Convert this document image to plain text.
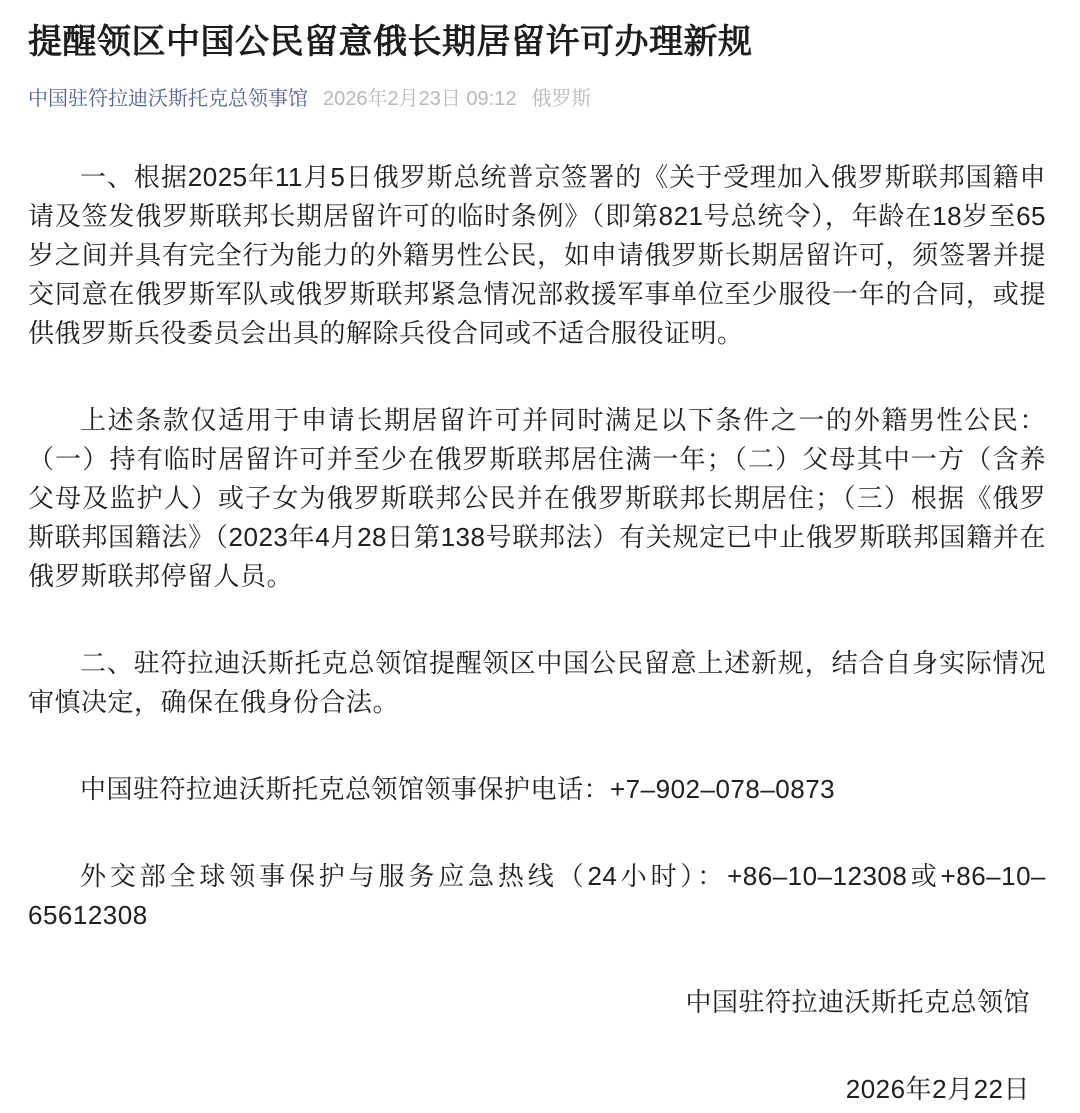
提醒领区中国公民留意俄长期居留许可办理新规
中国驻符拉迪沃斯托克总领事馆 2026年2月23日 09:12 俄罗斯

一、根据2025年11月5日俄罗斯总统普京签署的《关于受理加入俄罗斯联邦国籍申请及签发俄罗斯联邦长期居留许可的临时条例》（即第821号总统令），年龄在18岁至65岁之间并具有完全行为能力的外籍男性公民，如申请俄罗斯长期居留许可，须签署并提交同意在俄罗斯军队或俄罗斯联邦紧急情况部救援军事单位至少服役一年的合同，或提供俄罗斯兵役委员会出具的解除兵役合同或不适合服役证明。

上述条款仅适用于申请长期居留许可并同时满足以下条件之一的外籍男性公民：（一）持有临时居留许可并至少在俄罗斯联邦居住满一年；（二）父母其中一方（含养父母及监护人）或子女为俄罗斯联邦公民并在俄罗斯联邦长期居住；（三）根据《俄罗斯联邦国籍法》（2023年4月28日第138号联邦法）有关规定已中止俄罗斯联邦国籍并在俄罗斯联邦停留人员。

二、驻符拉迪沃斯托克总领馆提醒领区中国公民留意上述新规，结合自身实际情况审慎决定，确保在俄身份合法。

中国驻符拉迪沃斯托克总领馆领事保护电话：+7–902–078–0873

外交部全球领事保护与服务应急热线（24小时）：+86–10–12308或+86–10–65612308

中国驻符拉迪沃斯托克总领馆

2026年2月22日
